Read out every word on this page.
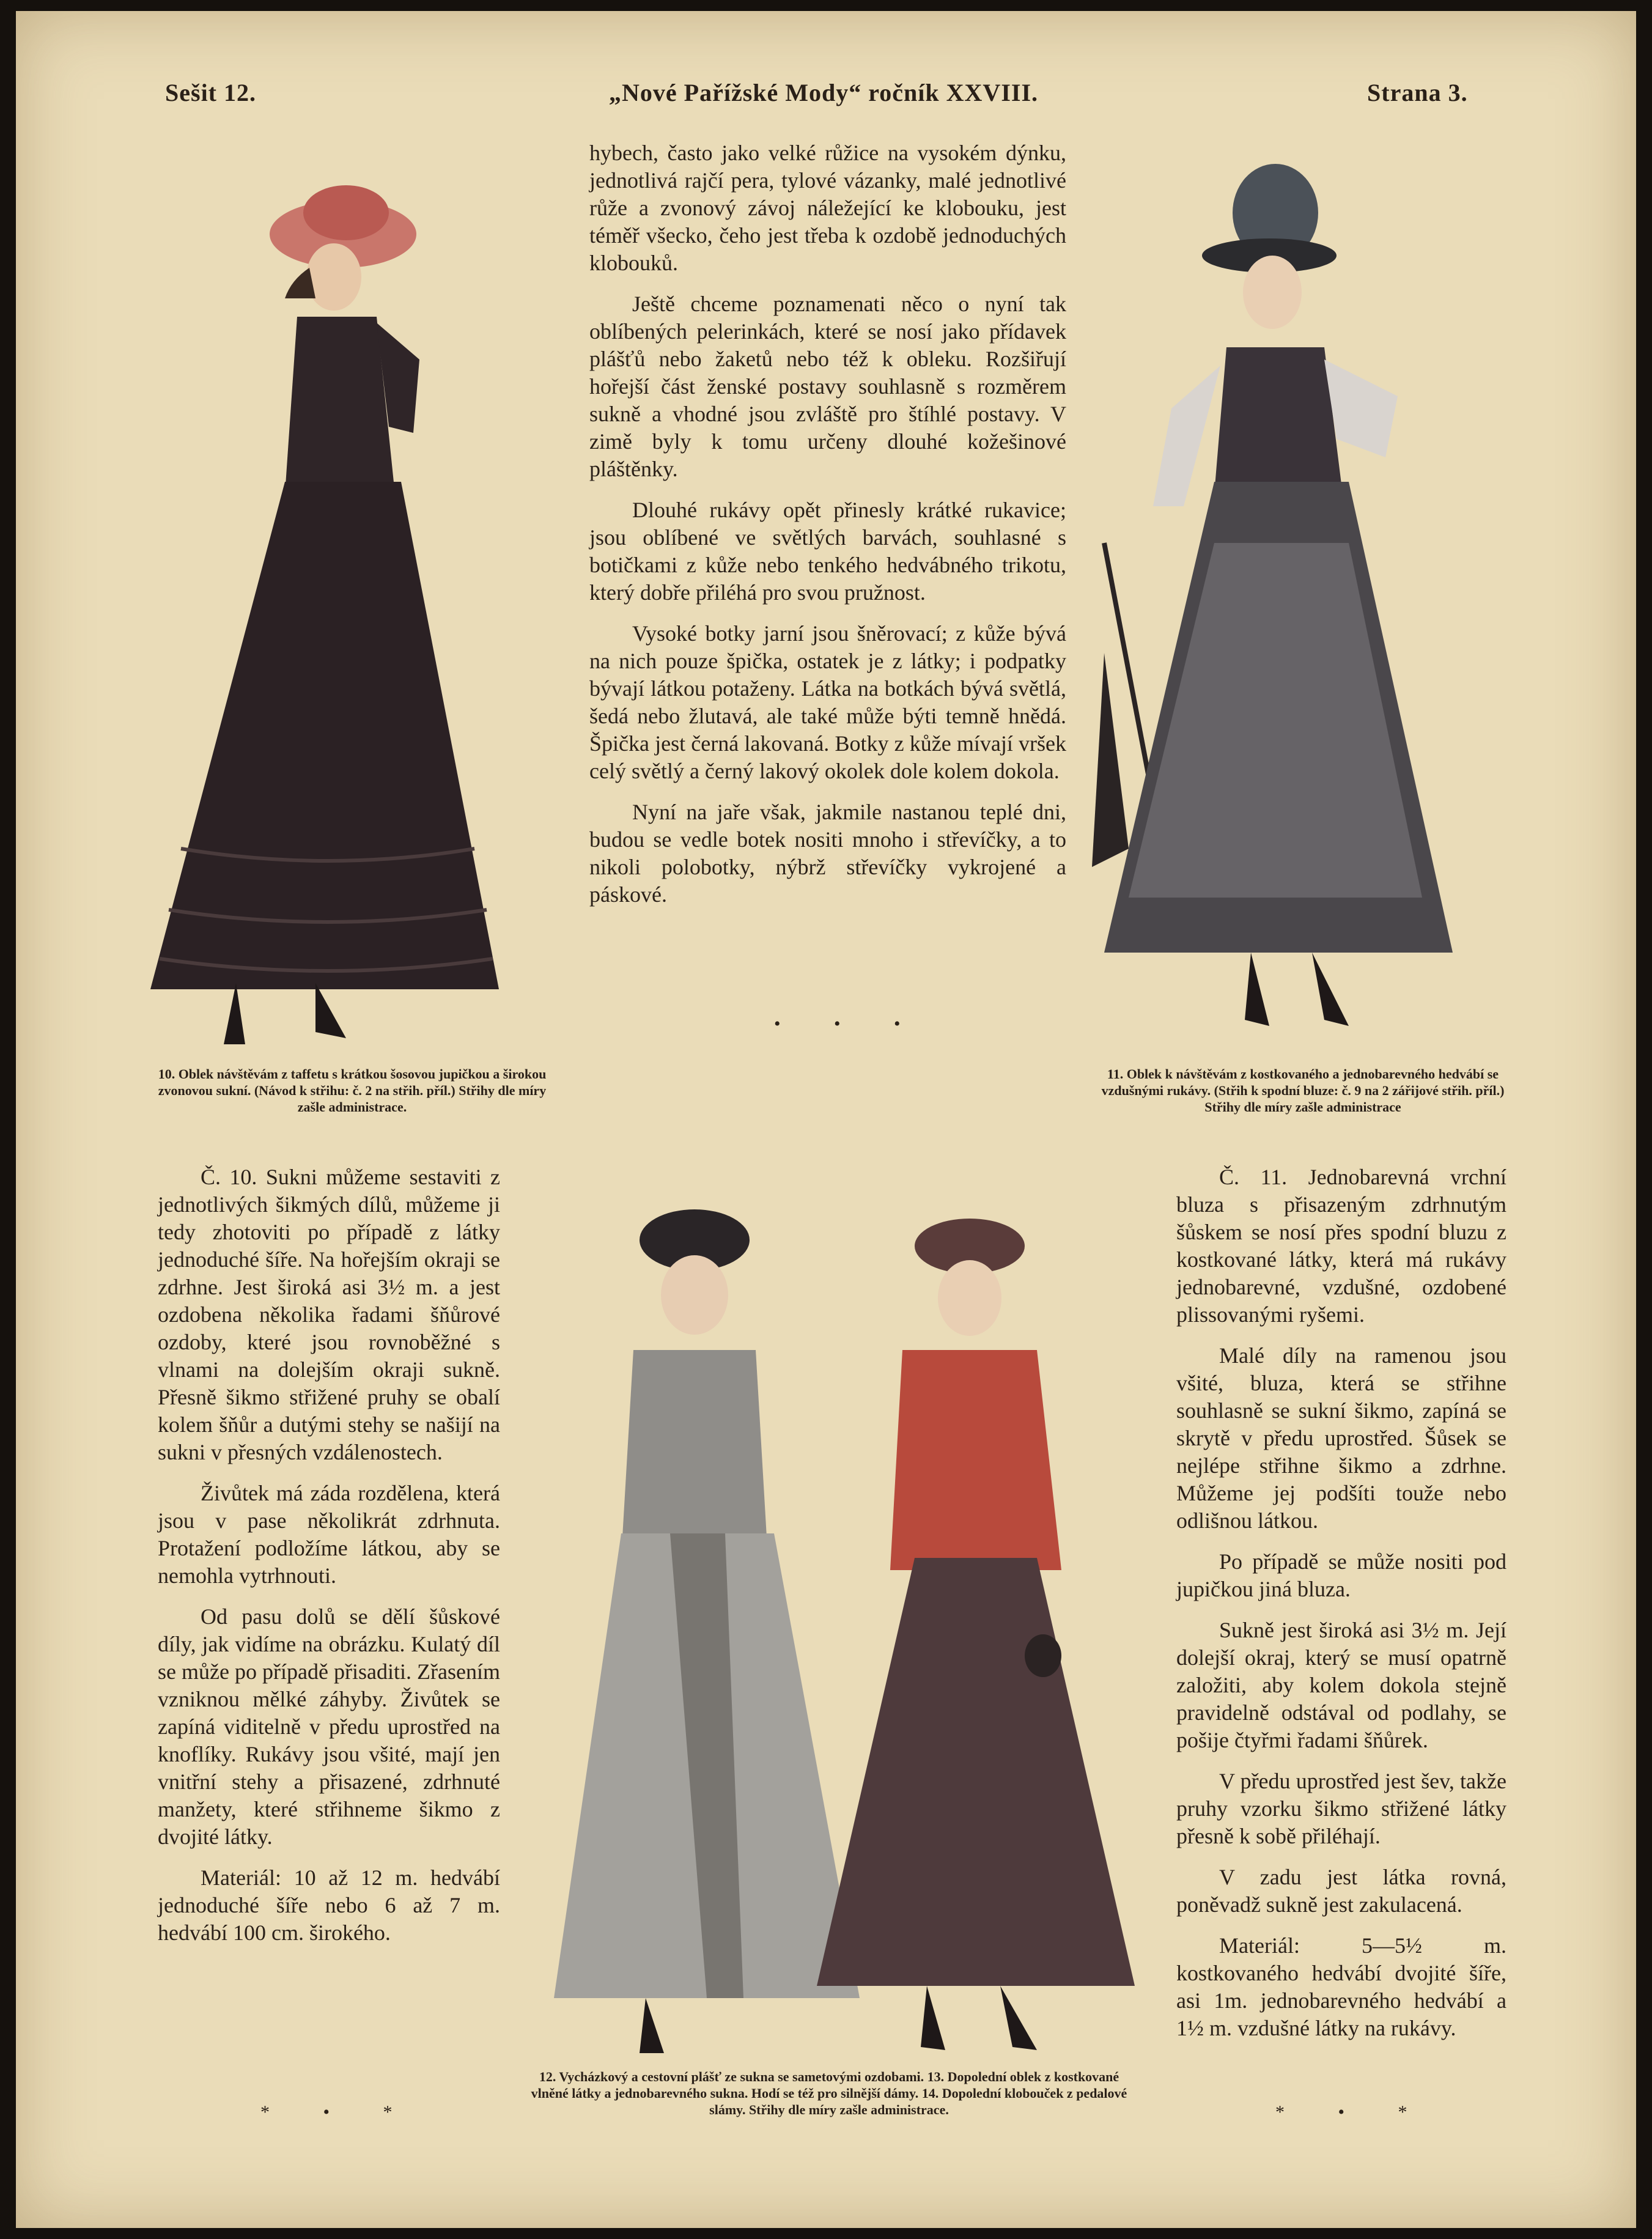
Sešit 12.	„Nové Pařížské Mody“ ročník XXVIII.	Strana 3.

hybech, často jako velké růžice na vysokém dýnku, jednotlivá rajčí pera, tylové vázanky, malé jednotlivé růže a zvonový závoj náležející ke klobouku, jest téměř všecko, čeho jest třeba k ozdobě jednoduchých klobouků.

Ještě chceme poznamenati něco o nyní tak oblíbených pelerinkách, které se nosí jako přídavek plášťů nebo žaketů nebo též k obleku. Rozšiřují hořejší část ženské postavy souhlasně s rozměrem sukně a vhodné jsou zvláště pro štíhlé postavy. V zimě byly k tomu určeny dlouhé kožešinové pláštěnky.

Dlouhé rukávy opět přinesly krátké rukavice; jsou oblíbené ve světlých barvách, souhlasné s botičkami z kůže nebo tenkého hedvábného trikotu, který dobře přiléhá pro svou pružnost.

Vysoké botky jarní jsou šněrovací; z kůže bývá na nich pouze špička, ostatek je z látky; i podpatky bývají látkou potaženy. Látka na botkách bývá světlá, šedá nebo žlutavá, ale také může býti temně hnědá. Špička jest černá lakovaná. Botky z kůže mívají vršek celý světlý a černý lakový okolek dole kolem dokola.

Nyní na jaře však, jakmile nastanou teplé dni, budou se vedle botek nositi mnoho i střevíčky, a to nikoli polobotky, nýbrž střevíčky vykrojené a páskové.

• • •
10. Oblek návštěvám z taffetu s krátkou šosovou jupičkou a širokou zvonovou sukní. (Návod k střihu: č. 2 na střih. příl.) Střihy dle míry zašle administrace.
11. Oblek k návštěvám z kostkovaného a jednobarevného hedvábí se vzdušnými rukávy. (Střih k spodní bluze: č. 9 na 2 zářijové střih. příl.) Střihy dle míry zašle administrace
12. Vycházkový a cestovní plášť ze sukna se sametovými ozdobami. 13. Dopolední oblek z kostkované vlněné látky a jednobarevného sukna. Hodí se též pro silnější dámy. 14. Dopolední klobouček z pedalové slámy. Střihy dle míry zašle administrace.

Č. 10. Sukni můžeme sestaviti z jednotlivých šikmých dílů, můžeme ji tedy zhotoviti po případě z látky jednoduché šíře. Na hořejším okraji se zdrhne. Jest široká asi 3½ m. a jest ozdobena několika řadami šňůrové ozdoby, které jsou rovnoběžné s vlnami na dolejším okraji sukně. Přesně šikmo střižené pruhy se obalí kolem šňůr a dutými stehy se našijí na sukni v přesných vzdálenostech.

Živůtek má záda rozdělena, která jsou v pase několikrát zdrhnuta. Protažení podložíme látkou, aby se nemohla vytrhnouti.

Od pasu dolů se dělí šůskové díly, jak vidíme na obrázku. Kulatý díl se může po případě přisaditi. Zřasením vzniknou mělké záhyby. Živůtek se zapíná viditelně v předu uprostřed na knoflíky. Rukávy jsou všité, mají jen vnitřní stehy a přisazené, zdrhnuté manžety, které střihneme šikmo z dvojité látky.

Materiál: 10 až 12 m. hedvábí jednoduché šíře nebo 6 až 7 m. hedvábí 100 cm. širokého.

* • *

Č. 11. Jednobarevná vrchní bluza s přisazeným zdrhnutým šůskem se nosí přes spodní bluzu z kostkované látky, která má rukávy jednobarevné, vzdušné, ozdobené plissovanými ryšemi.

Malé díly na ramenou jsou všité, bluza, která se střihne souhlasně se sukní šikmo, zapíná se skrytě v předu uprostřed. Šůsek se nejlépe střihne šikmo a zdrhne. Můžeme jej podšíti touže nebo odlišnou látkou.

Po případě se může nositi pod jupičkou jiná bluza.

Sukně jest široká asi 3½ m. Její dolejší okraj, který se musí opatrně založiti, aby kolem dokola stejně pravidelně odstával od podlahy, se pošije čtyřmi řadami šňůrek.

V předu uprostřed jest šev, takže pruhy vzorku šikmo střižené látky přesně k sobě přiléhají.

V zadu jest látka rovná, poněvadž sukně jest zakulacená.

Materiál: 5—5½ m. kostkovaného hedvábí dvojité šíře, asi 1m. jednobarevného hedvábí a 1½ m. vzdušné látky na rukávy.

* • *
